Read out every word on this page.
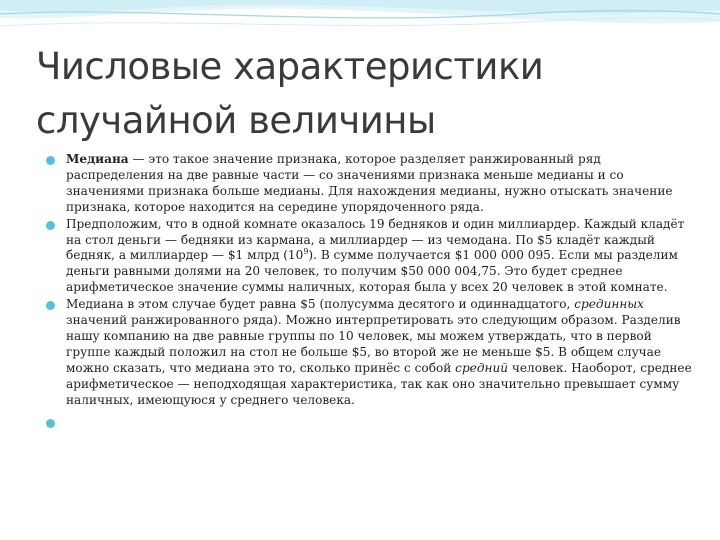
Числовые характеристики
случайной величины
Медиана — это такое значение признака, которое разделяет ранжированный ряд распределения на две равные части — со значениями признака меньше медианы и со значениями признака больше медианы. Для нахождения медианы, нужно отыскать значение признака, которое находится на середине упорядоченного ряда.
Предположим, что в одной комнате оказалось 19 бедняков и один миллиардер. Каждый кладёт на стол деньги — бедняки из кармана, а миллиардер — из чемодана. По $5 кладёт каждый бедняк, а миллиардер — $1 млрд $(10^9)$. В сумме получается $1 000 000 095. Если мы разделим деньги равными долями на 20 человек, то получим $50 000 004,75. Это будет среднее арифметическое значение суммы наличных, которая была у всех 20 человек в этой комнате.
Медиана в этом случае будет равна $5 (полусумма десятого и одиннадцатого, срединных значений ранжированного ряда). Можно интерпретировать это следующим образом. Разделив нашу компанию на две равные группы по 10 человек, мы можем утверждать, что в первой группе каждый положил на стол не больше $5, во второй же не меньше $5. В общем случае можно сказать, что медиана это то, сколько принёс с собой средний человек. Наоборот, среднее арифметическое — неподходящая характеристика, так как оно значительно превышает сумму наличных, имеющуюся у среднего человека.
